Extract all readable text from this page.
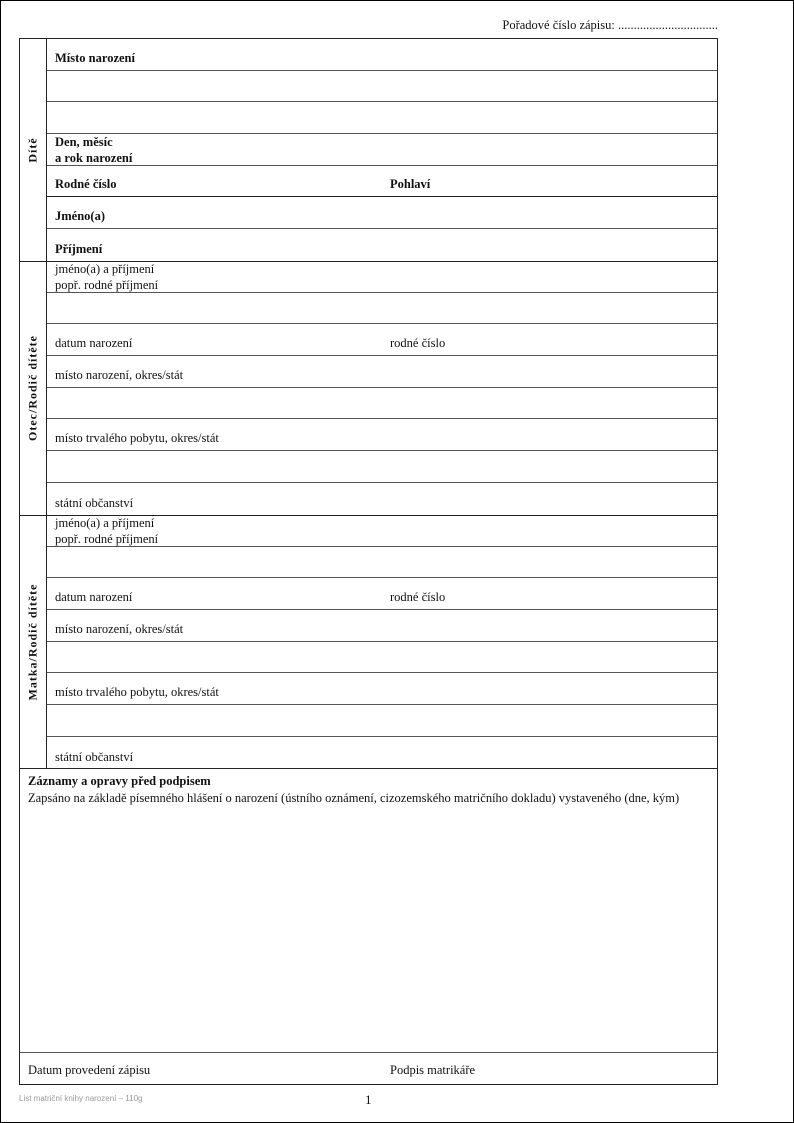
Pořadové číslo zápisu: ................................
Dítě
Místo narození
Den, měsíc
a rok narození
Rodné číslo	Pohlaví
Jméno(a)
Příjmení
Otec/Rodič dítěte
jméno(a) a příjmení
popř. rodné příjmení
datum narození	rodné číslo
místo narození, okres/stát
místo trvalého pobytu, okres/stát
státní občanství
Matka/Rodič dítěte
jméno(a) a příjmení
popř. rodné příjmení
datum narození	rodné číslo
místo narození, okres/stát
místo trvalého pobytu, okres/stát
státní občanství
Záznamy a opravy před podpisem
Zapsáno na základě písemného hlášení o narození (ústního oznámení, cizozemského matričního dokladu) vystaveného (dne, kým)
Datum provedení zápisu	Podpis matrikáře
List matriční knihy narození – 110g	1
